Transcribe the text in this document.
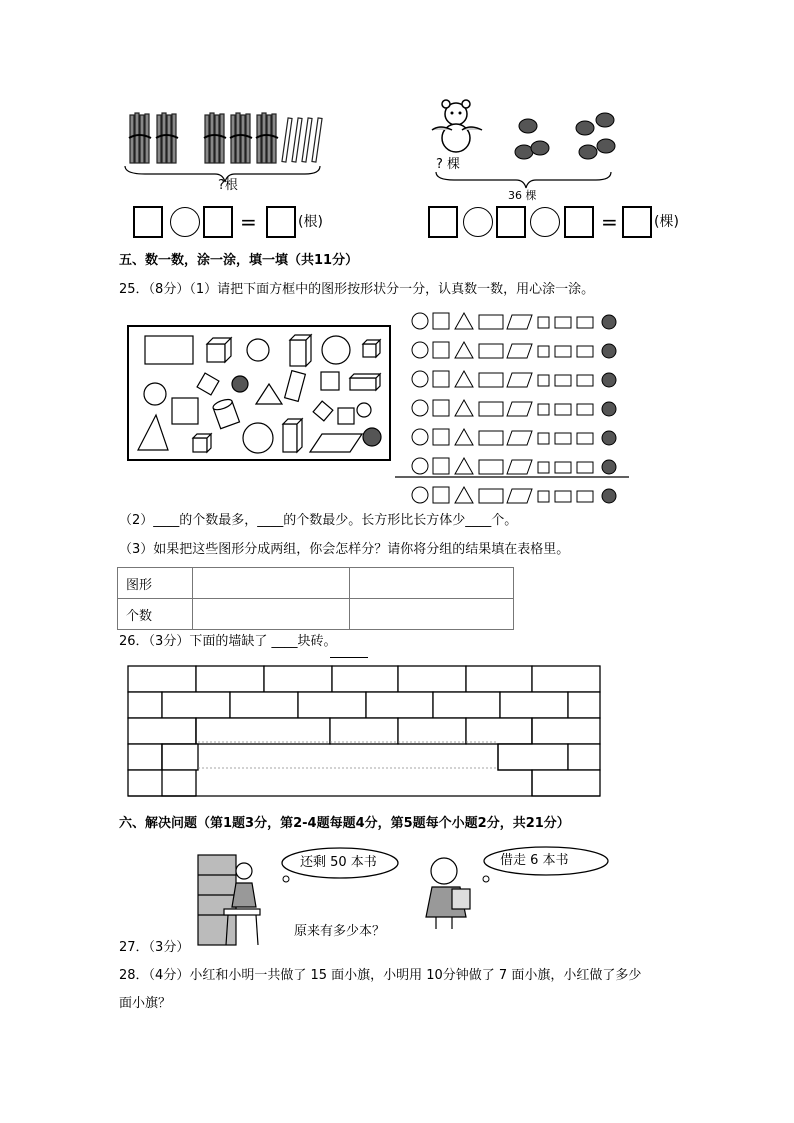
?根
=	(根)
? 棵
36 棵
=	(棵)
五、数一数，涂一涂，填一填（共11分）
25．（8分）（1）请把下面方框中的图形按形状分一分，认真数一数，用心涂一涂。
（2）____的个数最多，____的个数最少。长方形比长方体少____个。
（3）如果把这些图形分成两组，你会怎样分？请你将分组的结果填在表格里。
图形		
个数		
26．（3分）下面的墙缺了 ____块砖。
六、解决问题（第1题3分，第2-4题每题4分，第5题每个小题2分，共21分）
还剩 50 本书	借走 6 本书
原来有多少本？
27．（3分）
28．（4分）小红和小明一共做了 15 面小旗，小明用 10分钟做了 7 面小旗，小红做了多少
面小旗？
